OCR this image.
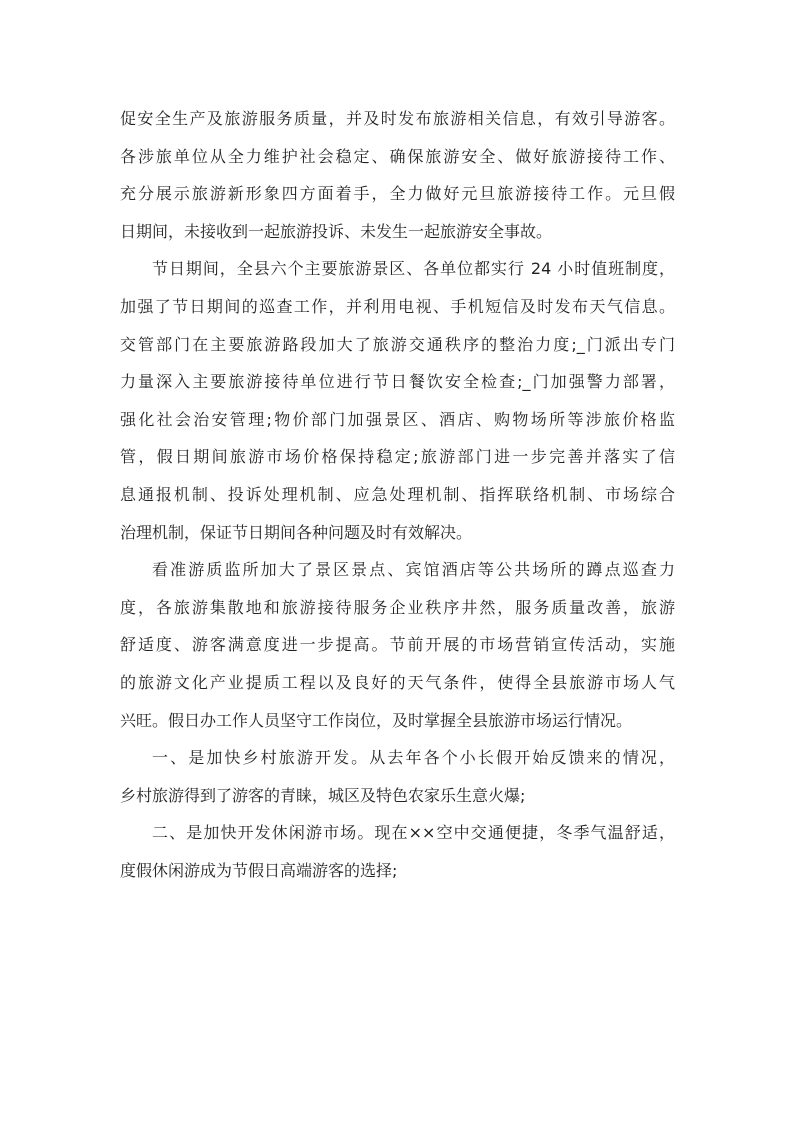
促安全生产及旅游服务质量，并及时发布旅游相关信息，有效引导游客。
各涉旅单位从全力维护社会稳定、确保旅游安全、做好旅游接待工作、
充分展示旅游新形象四方面着手，全力做好元旦旅游接待工作。元旦假
日期间，未接收到一起旅游投诉、未发生一起旅游安全事故。
节日期间，全县六个主要旅游景区、各单位都实行 24 小时值班制度，
加强了节日期间的巡查工作，并利用电视、手机短信及时发布天气信息。
交管部门在主要旅游路段加大了旅游交通秩序的整治力度;_门派出专门
力量深入主要旅游接待单位进行节日餐饮安全检查;_门加强警力部署，
强化社会治安管理;物价部门加强景区、酒店、购物场所等涉旅价格监
管，假日期间旅游市场价格保持稳定;旅游部门进一步完善并落实了信
息通报机制、投诉处理机制、应急处理机制、指挥联络机制、市场综合
治理机制，保证节日期间各种问题及时有效解决。
看准游质监所加大了景区景点、宾馆酒店等公共场所的蹲点巡查力
度，各旅游集散地和旅游接待服务企业秩序井然，服务质量改善，旅游
舒适度、游客满意度进一步提高。节前开展的市场营销宣传活动，实施
的旅游文化产业提质工程以及良好的天气条件，使得全县旅游市场人气
兴旺。假日办工作人员坚守工作岗位，及时掌握全县旅游市场运行情况。
一、是加快乡村旅游开发。从去年各个小长假开始反馈来的情况，
乡村旅游得到了游客的青睐，城区及特色农家乐生意火爆;
二、是加快开发休闲游市场。现在××空中交通便捷，冬季气温舒适，
度假休闲游成为节假日高端游客的选择;
